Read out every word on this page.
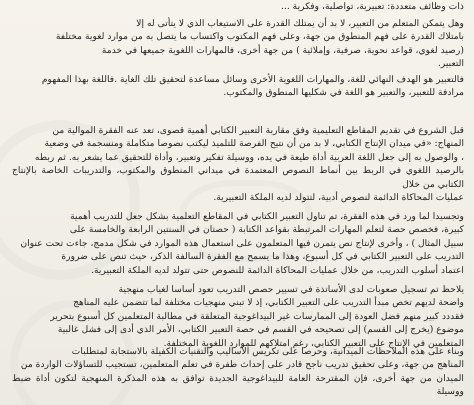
ذات وظائف متعددة: تعبيرية، تواصلية، وفكرية ...
وهل يتمكن المتعلم من التعبير، لا بد أن يمتلك القدرة على الاستيعاب الذي لا يتأتى له إلا
بامتلاك القدرة على فهم المنطوق من جهة، وعلى فهم المكتوب واكتساب ما يتصل به من موارد لغوية مختلفة
(رصيد لغوي، قواعد نحوية، صرفية، وإملائية ) من جهة أخرى، فالمهارات اللغوية جميعها في خدمة
التعبير.
فالتعبير هو الهدف النهائي للغة، والمهارات اللغوية الأخرى وسائل مساعدة لتحقيق تلك الغاية .فاللغة بهذا المفهوم
مرادفة للتعبير، والتعبير هو اللغة في شكليها المنطوق والمكتوب.
قبل الشروع في تقديم المقاطع التعليمية وفق مقاربة التعبير الكتابي أهمية قصوى، تعد عنه الفقرة الموالية من
المنهاج: «في ميدان الإنتاج الكتابي، لا بد من أن نتيح الفرصة للتلميذ ليكتب نصوصا متكاملة ومنسجمة في وضعية
، والوصول به إلى جعل اللغة العربية أداة طيعة في يده، ووسيلة تفكير وتعبير، وأداة للتحقيق عما يشعر به. ثم ربطه
بالرصيد اللغوي في الربط بين أنماط النصوص المعتمدة في ميداني المنطوق والمكتوب، والتدريبات الخاصة بالإنتاج الكتابي من خلال
عمليات المحاكاة الدائمة لنصوص أدبية، لتتولد لديه الملكة التعبيرية.
وتجسيدا لما ورد في هذه الفقرة، تم تناول التعبير الكتابي في المقاطع التعلمية بشكل جعل للتدريب أهمية
كبيرة، فخصص حصة لتعلم المهارات المرتبطة بقواعد الكتابة ( حصتان في السنتين الرابعة والخامسة على
سبيل المثال ) ، وأخرى لإنتاج نص يتمرن فيها المتعلمون على استعمال هذه الموارد في شكل مدمج، جاءت تحت عنوان
التدريب على التعبير الكتابي في كل أسبوع، وهذا ما يسمح مع الفقرة السالفة الذكر، حيث تنص على ضرورة
اعتماد أسلوب التدريب، من خلال عمليات المحاكاة الدائمة للنصوص حتى تتولد لديه الملكة التعبيرية.
يلاحظ تم تسجيل صعوبات لدى الأساتذة في تسيير حصص التدريب تعود أساسا لغياب منهجية
واضحة لديهم تخص مبدأ التدريب على التعبير الكتابي، إذ لا تبني منهجيات مختلفة لما تتضمن عليه المناهج
فقددد كبير منهم فضل العودة إلى الممارسات غير البيداغوجية المتعلقة في مطالبة المتعلمين كل أسبوع بتحرير
موضوع (يخرج إلى القسم) إلى تصحيحه في القسم في حصة التعبير الكتابي، الأمر الذي أدى إلى فشل غالبية
المتعلمين في الإنتاج على التعبير الكتابي، رغم امتلاكهم للموارد اللغوية المختلفة.
وبناء على هذه الملاحظات الميدانية، وحرصا على تكريس الأساليب والتقنيات الكفيلة بالاستجابة لمتطلبات
المناهج من جهة، وعلى تحقيق تدريب ناجح قادر على إحداث طفرة في تعلم المتعلمين، تستجيب للتساؤلات الواردة من
الميدان من جهة أخرى، فإن المقترحة العامة للبيداغوجية الجديدة توافق به هذه المذكرة المنهجية لتكون أداة ضبط ووسيلة
